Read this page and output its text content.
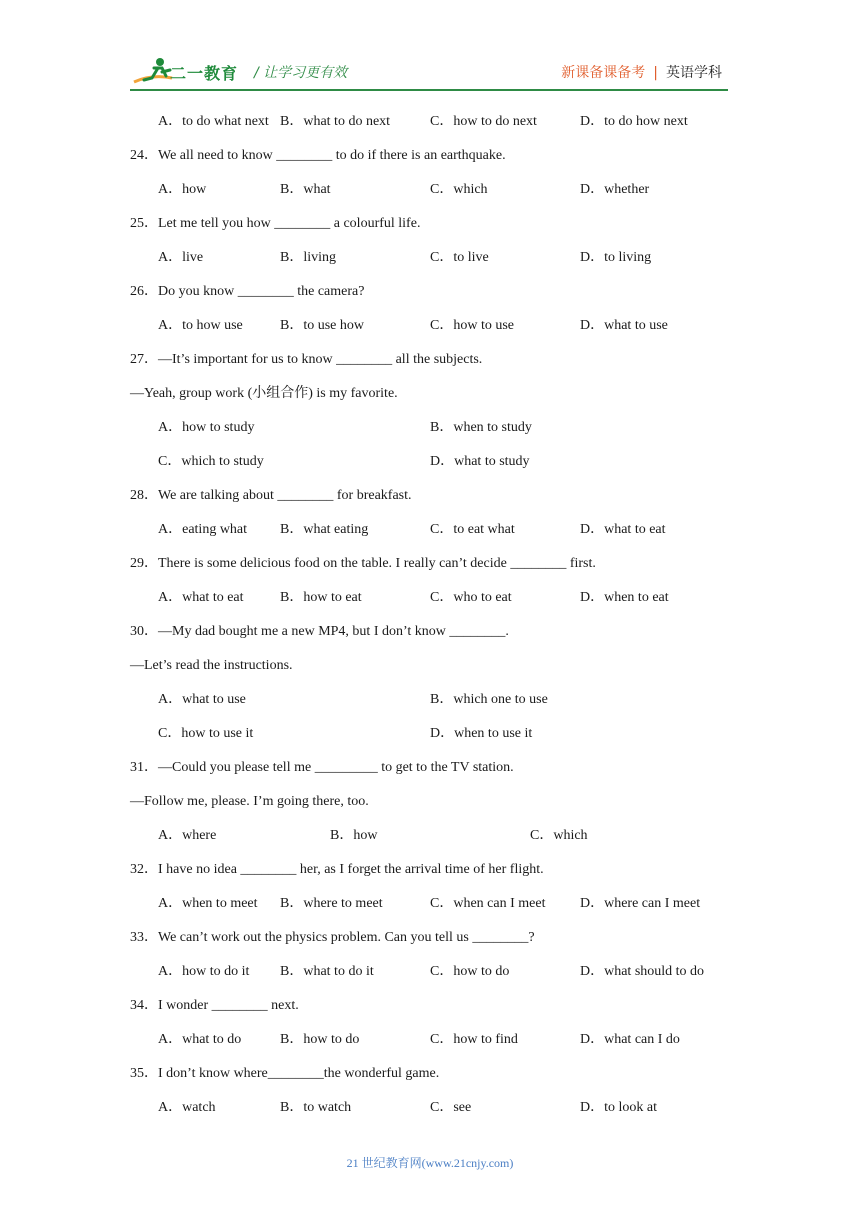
二一教育 / 让学习更有效	新课备课备考 | 英语学科
A．to do what next B．what to do next	C．how to do next	D．to do how next
24．We all need to know ________ to do if there is an earthquake.
A．how	B．what	C．which	D．whether
25．Let me tell you how ________ a colourful life.
A．live	B．living	C．to live	D．to living
26．Do you know ________ the camera?
A．to how use	B．to use how	C．how to use	D．what to use
27．—It’s important for us to know ________ all the subjects.
—Yeah, group work (小组合作) is my favorite.
A．how to study	B．when to study
C．which to study	D．what to study
28．We are talking about ________ for breakfast.
A．eating what B．what eating	C．to eat what	D．what to eat
29．There is some delicious food on the table. I really can’t decide ________ first.
A．what to eat	B．how to eat	C．who to eat	D．when to eat
30．—My dad bought me a new MP4, but I don’t know ________.
—Let’s read the instructions.
A．what to use	B．which one to use
C．how to use it	D．when to use it
31．—Could you please tell me _________ to get to the TV station.
—Follow me, please. I’m going there, too.
A．where	B．how	C．which
32．I have no idea ________ her, as I forget the arrival time of her flight.
A．when to meet B．where to meet	C．when can I meet D．where can I meet
33．We can’t work out the physics problem. Can you tell us ________?
A．how to do it B．what to do it	C．how to do	D．what should to do
34．I wonder ________ next.
A．what to do	B．how to do	C．how to find	D．what can I do
35．I don’t know where________the wonderful game.
A．watch	B．to watch	C．see	D．to look at
21 世纪教育网(www.21cnjy.com)
